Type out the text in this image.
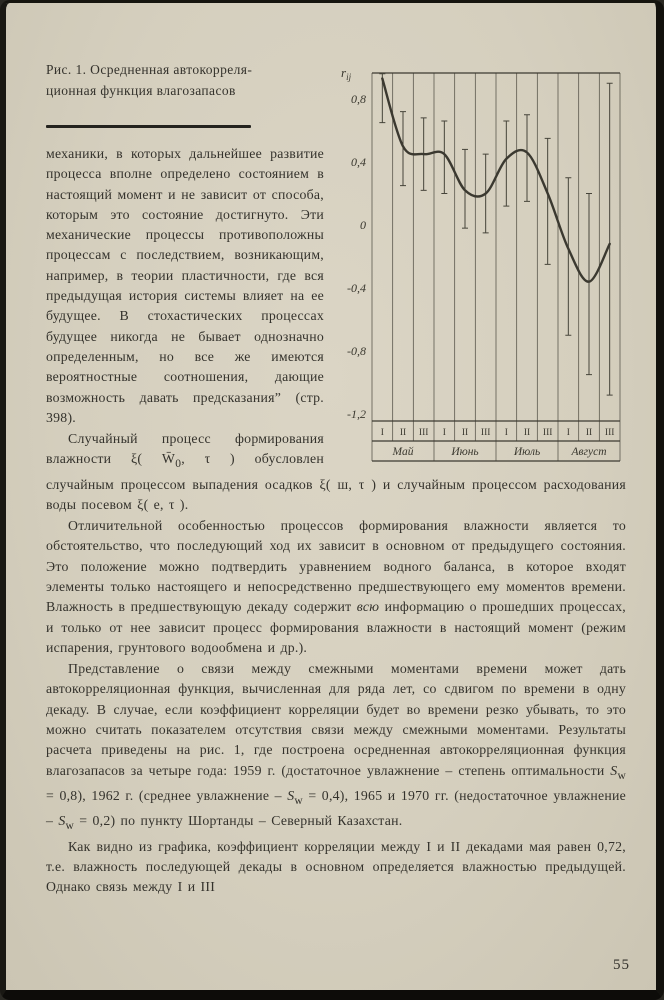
0,8
0,4
0
-0,4
-0,8
-1,2
$r_{ij}$
I II III I II III I II III I II III
Май	Июнь	Июль	Август
Рис. 1. Осредненная автокорреля-
ционная функция влагозапасов

механики, в которых дальнейшее развитие процесса вполне определено состоянием в настоящий момент и не зависит от способа, которым это состояние достигнуто. Эти механические процессы противоположны процессам с последствием, возникающим, например, в теории пластичности, где вся предыдущая история системы влияет на ее будущее. В стохастических процессах будущее никогда не бывает однозначно определенным, но все же имеются вероятностные соотношения, дающие возможность давать предсказания” (стр. 398).

Случайный процесс формирования влажности ξ( $W̄_0$, τ ) обусловлен случайным процессом выпадения осадков ξ( ш, τ ) и случайным процессом расходования воды посевом ξ( е, τ ).

Отличительной особенностью процессов формирования влажности является то обстоятельство, что последующий ход их зависит в основном от предыдущего состояния. Это положение можно подтвердить уравнением водного баланса, в которое входят элементы только настоящего и непосредственно предшествующего ему моментов времени. Влажность в предшествующую декаду содержит всю информацию о прошедших процессах, и только от нее зависит процесс формирования влажности в настоящий момент (режим испарения, грунтового водообмена и др.).

Представление о связи между смежными моментами времени может дать автокорреляционная функция, вычисленная для ряда лет, со сдвигом по времени в одну декаду. В случае, если коэффициент корреляции будет во времени резко убывать, то это можно считать показателем отсутствия связи между смежными моментами. Результаты расчета приведены на рис. 1, где построена осредненная автокорреляционная функция влагозапасов за четыре года: 1959 г. (достаточное увлажнение – степень оптимальности $S_w = 0,8$), 1962 г. (среднее увлажнение – $S_w = 0,4$), 1965 и 1970 гг. (недостаточное увлажнение – $S_w = 0,2$) по пункту Шортанды – Северный Казахстан.

Как видно из графика, коэффициент корреляции между I и II декадами мая равен 0,72, т.е. влажность последующей декады в основном определяется влажностью предыдущей. Однако связь между I и III

55
